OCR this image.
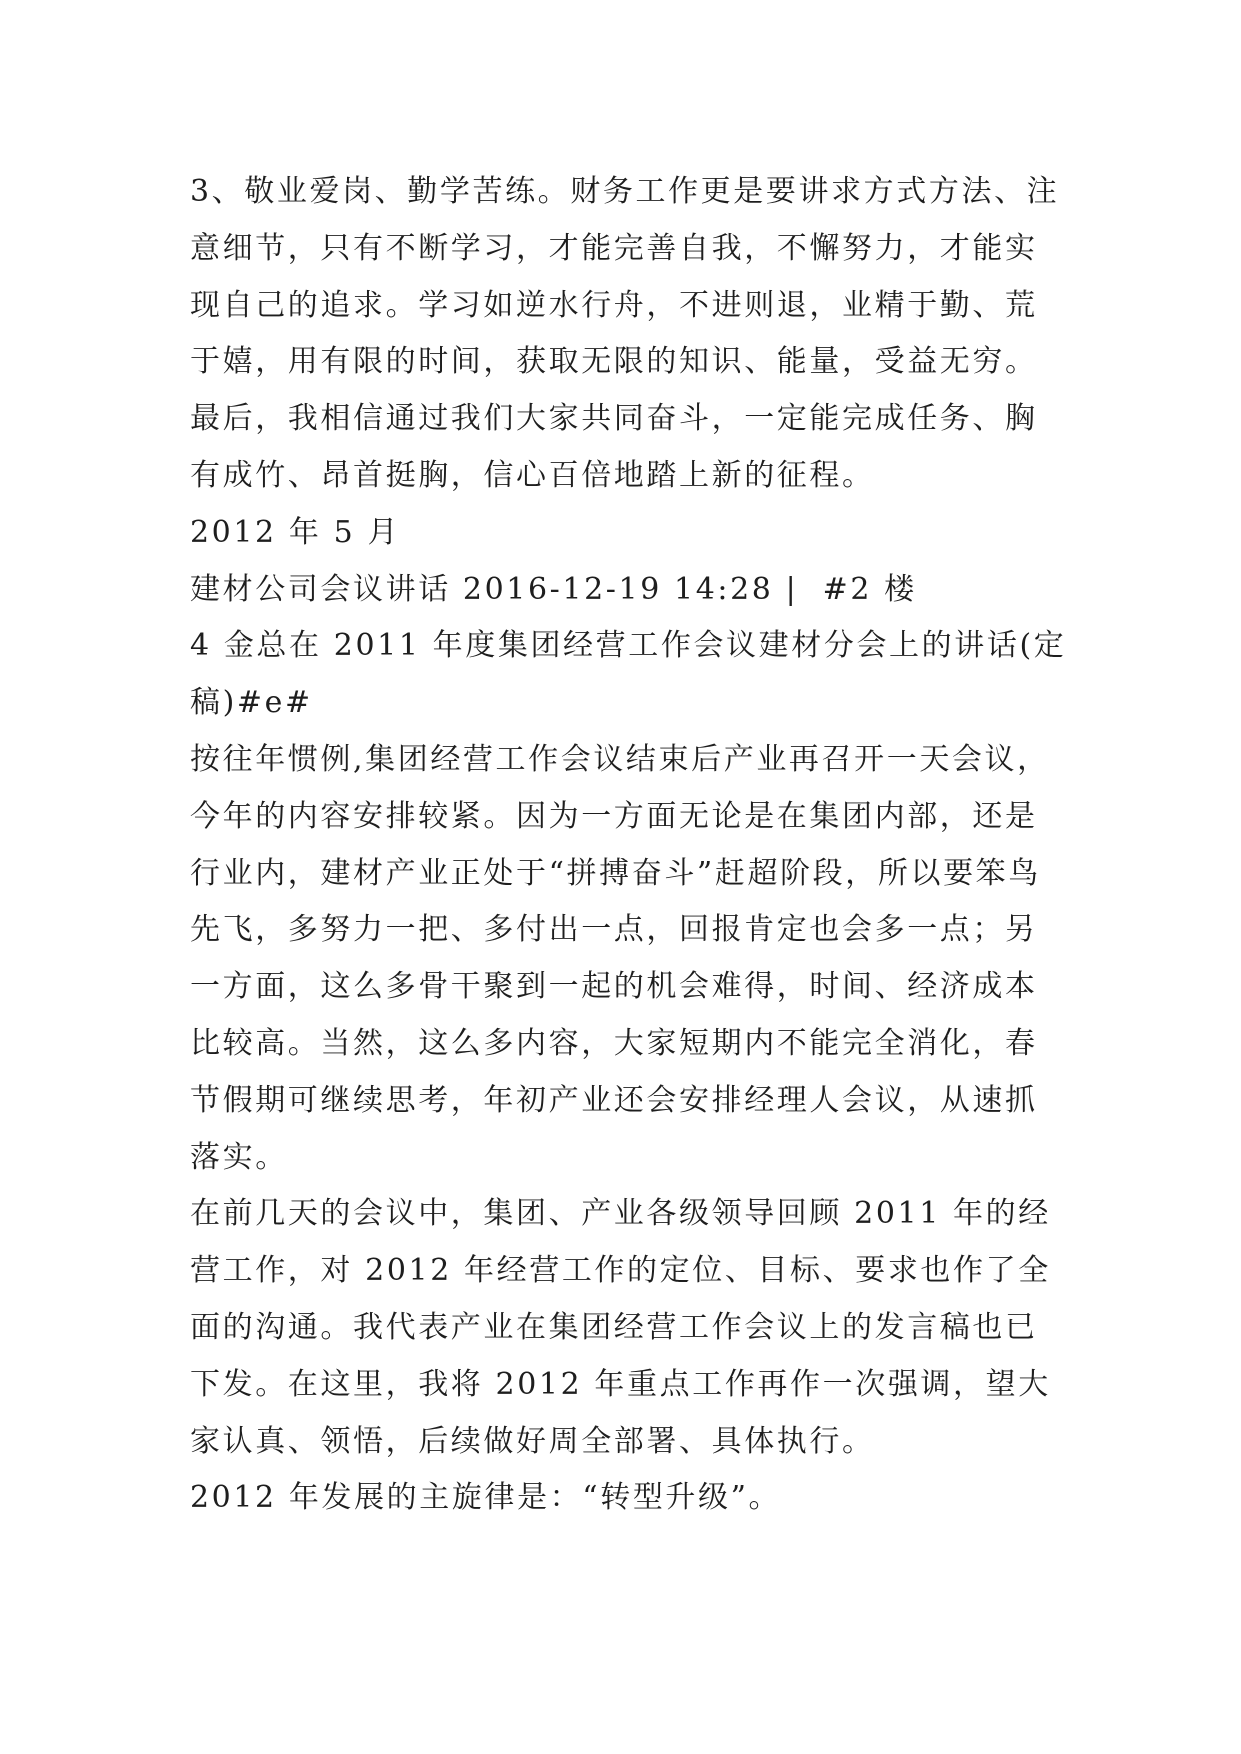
3、敬业爱岗、勤学苦练。财务工作更是要讲求方式方法、注意细节，只有不断学习，才能完善自我，不懈努力，才能实现自己的追求。学习如逆水行舟，不进则退，业精于勤、荒于嬉，用有限的时间，获取无限的知识、能量，受益无穷。

最后，我相信通过我们大家共同奋斗，一定能完成任务、胸有成竹、昂首挺胸，信心百倍地踏上新的征程。

2012 年 5 月

建材公司会议讲话 2016-12-19 14:28 |  #2 楼

4 金总在 2011 年度集团经营工作会议建材分会上的讲话(定稿)#e#

按往年惯例,集团经营工作会议结束后产业再召开一天会议，今年的内容安排较紧。因为一方面无论是在集团内部，还是行业内，建材产业正处于“拼搏奋斗”赶超阶段，所以要笨鸟先飞，多努力一把、多付出一点，回报肯定也会多一点；另一方面，这么多骨干聚到一起的机会难得，时间、经济成本比较高。当然，这么多内容，大家短期内不能完全消化，春节假期可继续思考，年初产业还会安排经理人会议，从速抓落实。

在前几天的会议中，集团、产业各级领导回顾 2011 年的经营工作，对 2012 年经营工作的定位、目标、要求也作了全面的沟通。我代表产业在集团经营工作会议上的发言稿也已下发。在这里，我将 2012 年重点工作再作一次强调，望大家认真、领悟，后续做好周全部署、具体执行。

2012 年发展的主旋律是：“转型升级”。
